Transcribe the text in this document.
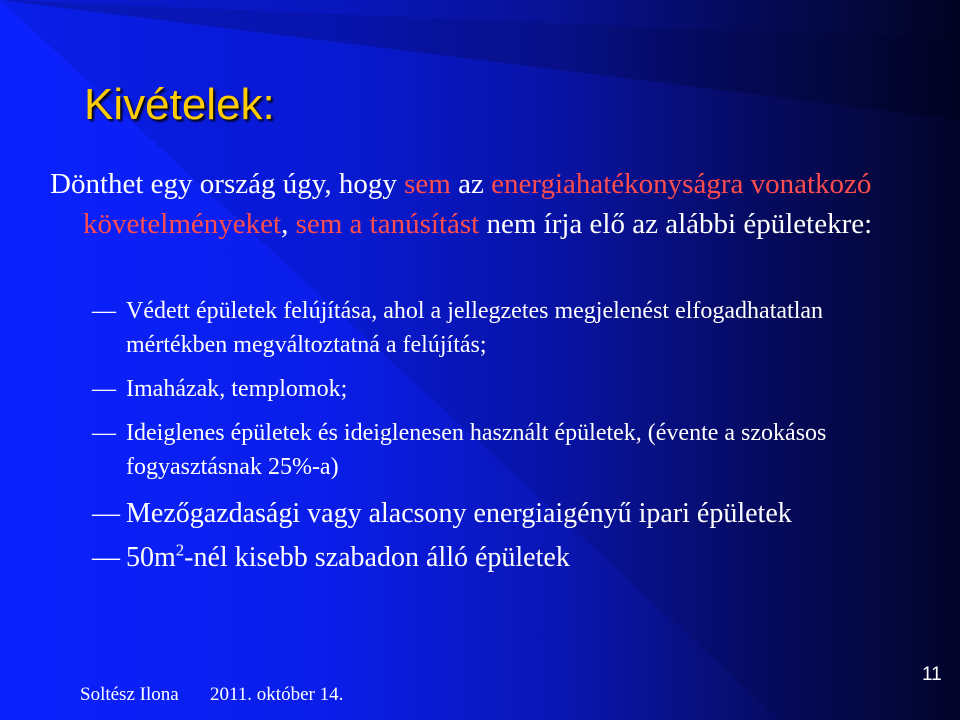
Kivételek:
Dönthet egy ország úgy, hogy sem az energiahatékonyságra vonatkozó követelményeket, sem a tanúsítást nem írja elő az alábbi épületekre:
— Védett épületek felújítása, ahol a jellegzetes megjelenést elfogadhatatlan mértékben megváltoztatná a felújítás;
— Imaházak, templomok;
— Ideiglenes épületek és ideiglenesen használt épületek, (évente a szokásos fogyasztásnak 25%-a)
— Mezőgazdasági vagy alacsony energiaigényű ipari épületek
— $50m^2$-nél kisebb szabadon álló épületek
Soltész Ilona 2011. október 14.
11
